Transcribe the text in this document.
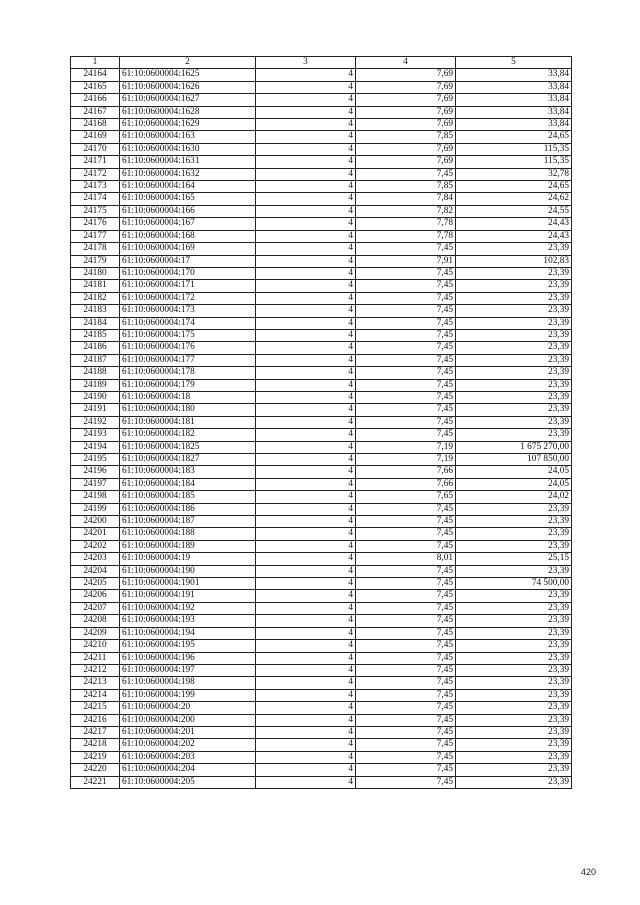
1	2	3	4	5
24164	61:10:0600004:1625	4	7,69	33,84
24165	61:10:0600004:1626	4	7,69	33,84
24166	61:10:0600004:1627	4	7,69	33,84
24167	61:10:0600004:1628	4	7,69	33,84
24168	61:10:0600004:1629	4	7,69	33,84
24169	61:10:0600004:163	4	7,85	24,65
24170	61:10:0600004:1630	4	7,69	115,35
24171	61:10:0600004:1631	4	7,69	115,35
24172	61:10:0600004:1632	4	7,45	32,78
24173	61:10:0600004:164	4	7,85	24,65
24174	61:10:0600004:165	4	7,84	24,62
24175	61:10:0600004:166	4	7,82	24,55
24176	61:10:0600004:167	4	7,78	24,43
24177	61:10:0600004:168	4	7,78	24,43
24178	61:10:0600004:169	4	7,45	23,39
24179	61:10:0600004:17	4	7,91	102,83
24180	61:10:0600004:170	4	7,45	23,39
24181	61:10:0600004:171	4	7,45	23,39
24182	61:10:0600004:172	4	7,45	23,39
24183	61:10:0600004:173	4	7,45	23,39
24184	61:10:0600004:174	4	7,45	23,39
24185	61:10:0600004:175	4	7,45	23,39
24186	61:10:0600004:176	4	7,45	23,39
24187	61:10:0600004:177	4	7,45	23,39
24188	61:10:0600004:178	4	7,45	23,39
24189	61:10:0600004:179	4	7,45	23,39
24190	61:10:0600004:18	4	7,45	23,39
24191	61:10:0600004:180	4	7,45	23,39
24192	61:10:0600004:181	4	7,45	23,39
24193	61:10:0600004:182	4	7,45	23,39
24194	61:10:0600004:1825	4	7,19	1 675 270,00
24195	61:10:0600004:1827	4	7,19	107 850,00
24196	61:10:0600004:183	4	7,66	24,05
24197	61:10:0600004:184	4	7,66	24,05
24198	61:10:0600004:185	4	7,65	24,02
24199	61:10:0600004:186	4	7,45	23,39
24200	61:10:0600004:187	4	7,45	23,39
24201	61:10:0600004:188	4	7,45	23,39
24202	61:10:0600004:189	4	7,45	23,39
24203	61:10:0600004:19	4	8,01	25,15
24204	61:10:0600004:190	4	7,45	23,39
24205	61:10:0600004:1901	4	7,45	74 500,00
24206	61:10:0600004:191	4	7,45	23,39
24207	61:10:0600004:192	4	7,45	23,39
24208	61:10:0600004:193	4	7,45	23,39
24209	61:10:0600004:194	4	7,45	23,39
24210	61:10:0600004:195	4	7,45	23,39
24211	61:10:0600004:196	4	7,45	23,39
24212	61:10:0600004:197	4	7,45	23,39
24213	61:10:0600004:198	4	7,45	23,39
24214	61:10:0600004:199	4	7,45	23,39
24215	61:10:0600004:20	4	7,45	23,39
24216	61:10:0600004:200	4	7,45	23,39
24217	61:10:0600004:201	4	7,45	23,39
24218	61:10:0600004:202	4	7,45	23,39
24219	61:10:0600004:203	4	7,45	23,39
24220	61:10:0600004:204	4	7,45	23,39
24221	61:10:0600004:205	4	7,45	23,39
420
